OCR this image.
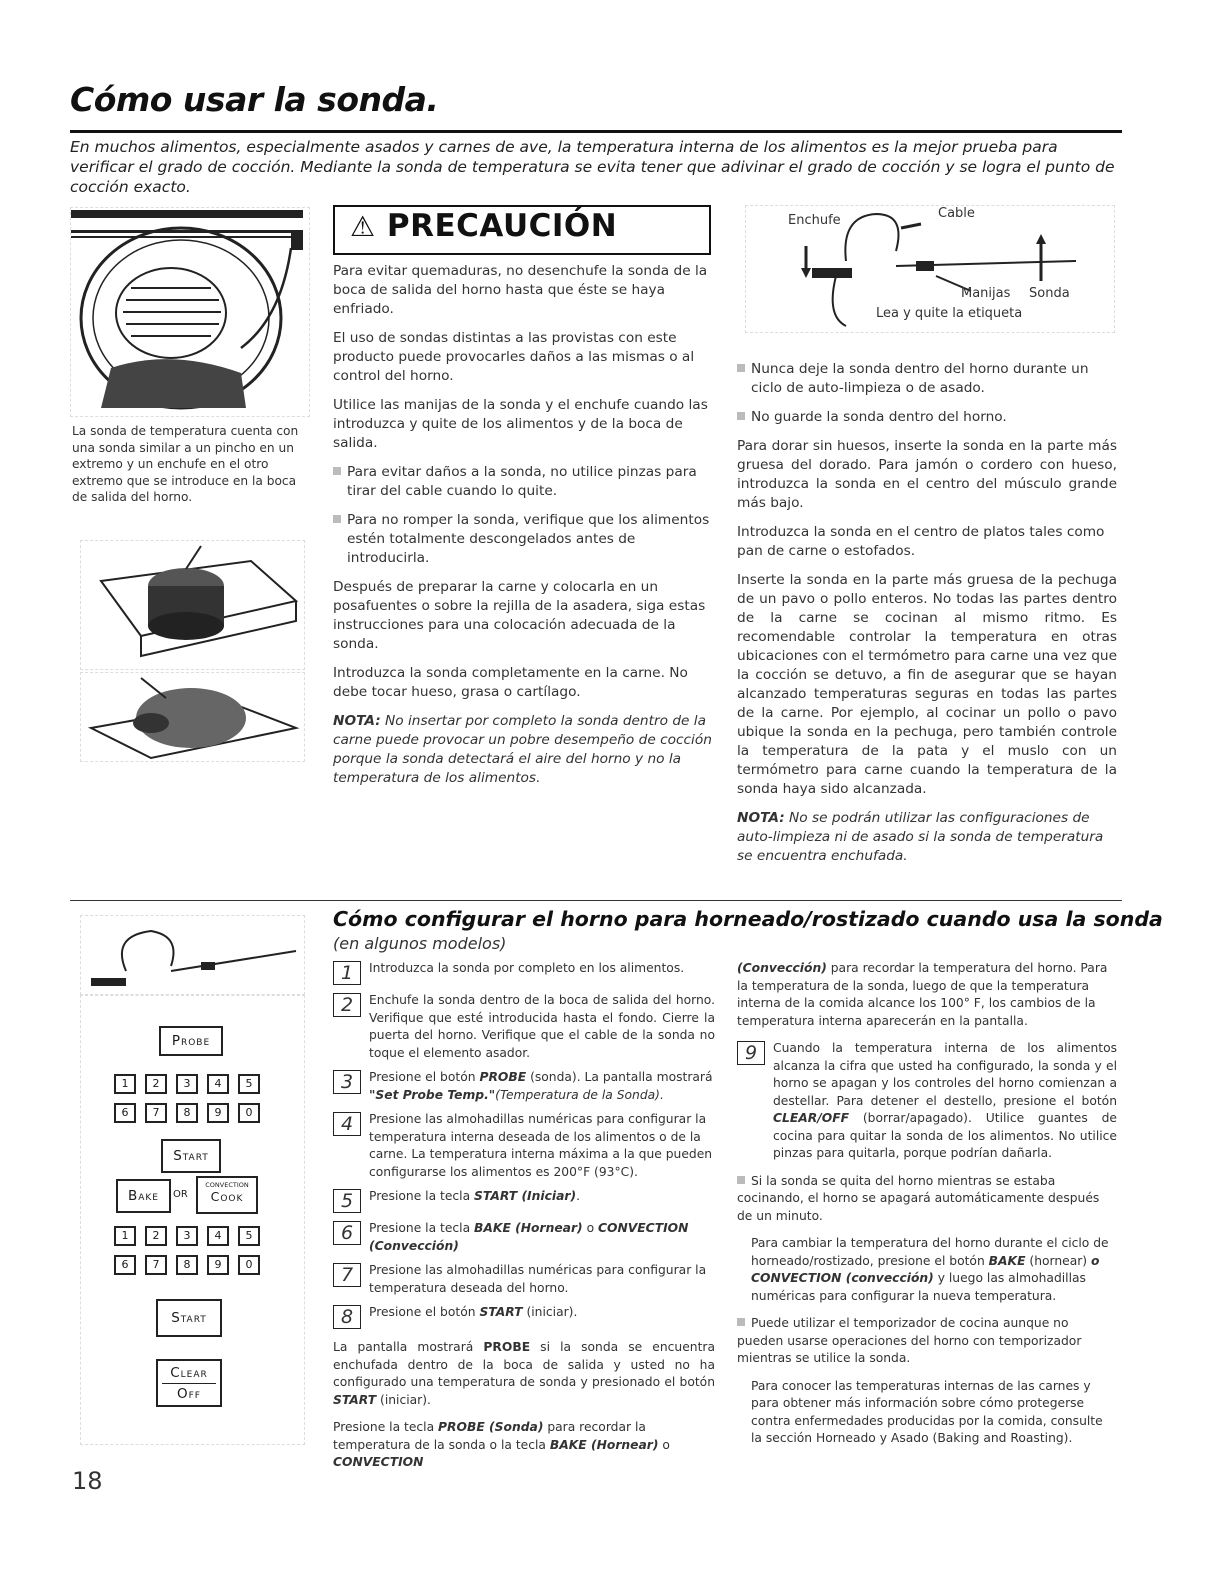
Cómo usar la sonda.
En muchos alimentos, especialmente asados y carnes de ave, la temperatura interna de los alimentos es la mejor prueba para verificar el grado de cocción. Mediante la sonda de temperatura se evita tener que adivinar el grado de cocción y se logra el punto de cocción exacto.
La sonda de temperatura cuenta con una sonda similar a un pincho en un extremo y un enchufe en el otro extremo que se introduce en la boca de salida del horno.
⚠ PRECAUCIÓN

Para evitar quemaduras, no desenchufe la sonda de la boca de salida del horno hasta que éste se haya enfriado.

El uso de sondas distintas a las provistas con este producto puede provocarles daños a las mismas o al control del horno.

Utilice las manijas de la sonda y el enchufe cuando las introduzca y quite de los alimentos y de la boca de salida.

Para evitar daños a la sonda, no utilice pinzas para tirar del cable cuando lo quite.

Para no romper la sonda, verifique que los alimentos estén totalmente descongelados antes de introducirla.

Después de preparar la carne y colocarla en un posafuentes o sobre la rejilla de la asadera, siga estas instrucciones para una colocación adecuada de la sonda.

Introduzca la sonda completamente en la carne. No debe tocar hueso, grasa o cartílago.

NOTA: No insertar por completo la sonda dentro de la carne puede provocar un pobre desempeño de cocción porque la sonda detectará el aire del horno y no la temperatura de los alimentos.

Enchufe	Cable
Manijas Sonda
Lea y quite la etiqueta

Nunca deje la sonda dentro del horno durante un ciclo de auto-limpieza o de asado.

No guarde la sonda dentro del horno.

Para dorar sin huesos, inserte la sonda en la parte más gruesa del dorado. Para jamón o cordero con hueso, introduzca la sonda en el centro del músculo grande más bajo.

Introduzca la sonda en el centro de platos tales como pan de carne o estofados.

Inserte la sonda en la parte más gruesa de la pechuga de un pavo o pollo enteros. No todas las partes dentro de la carne se cocinan al mismo ritmo. Es recomendable controlar la temperatura en otras ubicaciones con el termómetro para carne una vez que la cocción se detuvo, a fin de asegurar que se hayan alcanzado temperaturas seguras en todas las partes de la carne. Por ejemplo, al cocinar un pollo o pavo ubique la sonda en la pechuga, pero también controle la temperatura de la pata y el muslo con un termómetro para carne cuando la temperatura de la sonda haya sido alcanzada.

NOTA: No se podrán utilizar las configuraciones de auto-limpieza ni de asado si la sonda de temperatura se encuentra enchufada.

Cómo configurar el horno para horneado/rostizado cuando usa la sonda
(en algunos modelos)
Probe
1	2	3	4	5
6	7	8	9	0
Start
Bake	OR
CONVECTION
Cook
1	2	3	4	5
6	7	8	9	0
Start
Clear
Off
18
1	Introduzca la sonda por completo en los alimentos.
2	Enchufe la sonda dentro de la boca de salida del horno. Verifique que esté introducida hasta el fondo. Cierre la puerta del horno. Verifique que el cable de la sonda no toque el elemento asador.
3	Presione el botón PROBE (sonda). La pantalla mostrará "Set Probe Temp."(Temperatura de la Sonda).
4	Presione las almohadillas numéricas para configurar la temperatura interna deseada de los alimentos o de la carne. La temperatura interna máxima a la que pueden configurarse los alimentos es 200°F (93°C).
5	Presione la tecla START (Iniciar).
6	Presione la tecla BAKE (Hornear) o CONVECTION (Convección)
7	Presione las almohadillas numéricas para configurar la temperatura deseada del horno.
8	Presione el botón START (iniciar).

La pantalla mostrará PROBE si la sonda se encuentra enchufada dentro de la boca de salida y usted no ha configurado una temperatura de sonda y presionado el botón START (iniciar).

Presione la tecla PROBE (Sonda) para recordar la temperatura de la sonda o la tecla BAKE (Hornear) o CONVECTION

(Convección) para recordar la temperatura del horno. Para la temperatura de la sonda, luego de que la temperatura interna de la comida alcance los 100° F, los cambios de la temperatura interna aparecerán en la pantalla.

9	Cuando la temperatura interna de los alimentos alcanza la cifra que usted ha configurado, la sonda y el horno se apagan y los controles del horno comienzan a destellar. Para detener el destello, presione el botón CLEAR/OFF (borrar/apagado). Utilice guantes de cocina para quitar la sonda de los alimentos. No utilice pinzas para quitarla, porque podrían dañarla.

Si la sonda se quita del horno mientras se estaba cocinando, el horno se apagará automáticamente después de un minuto.

Para cambiar la temperatura del horno durante el ciclo de horneado/rostizado, presione el botón BAKE (hornear) o CONVECTION (convección) y luego las almohadillas numéricas para configurar la nueva temperatura.

Puede utilizar el temporizador de cocina aunque no pueden usarse operaciones del horno con temporizador mientras se utilice la sonda.

Para conocer las temperaturas internas de las carnes y para obtener más información sobre cómo protegerse contra enfermedades producidas por la comida, consulte la sección Horneado y Asado (Baking and Roasting).
